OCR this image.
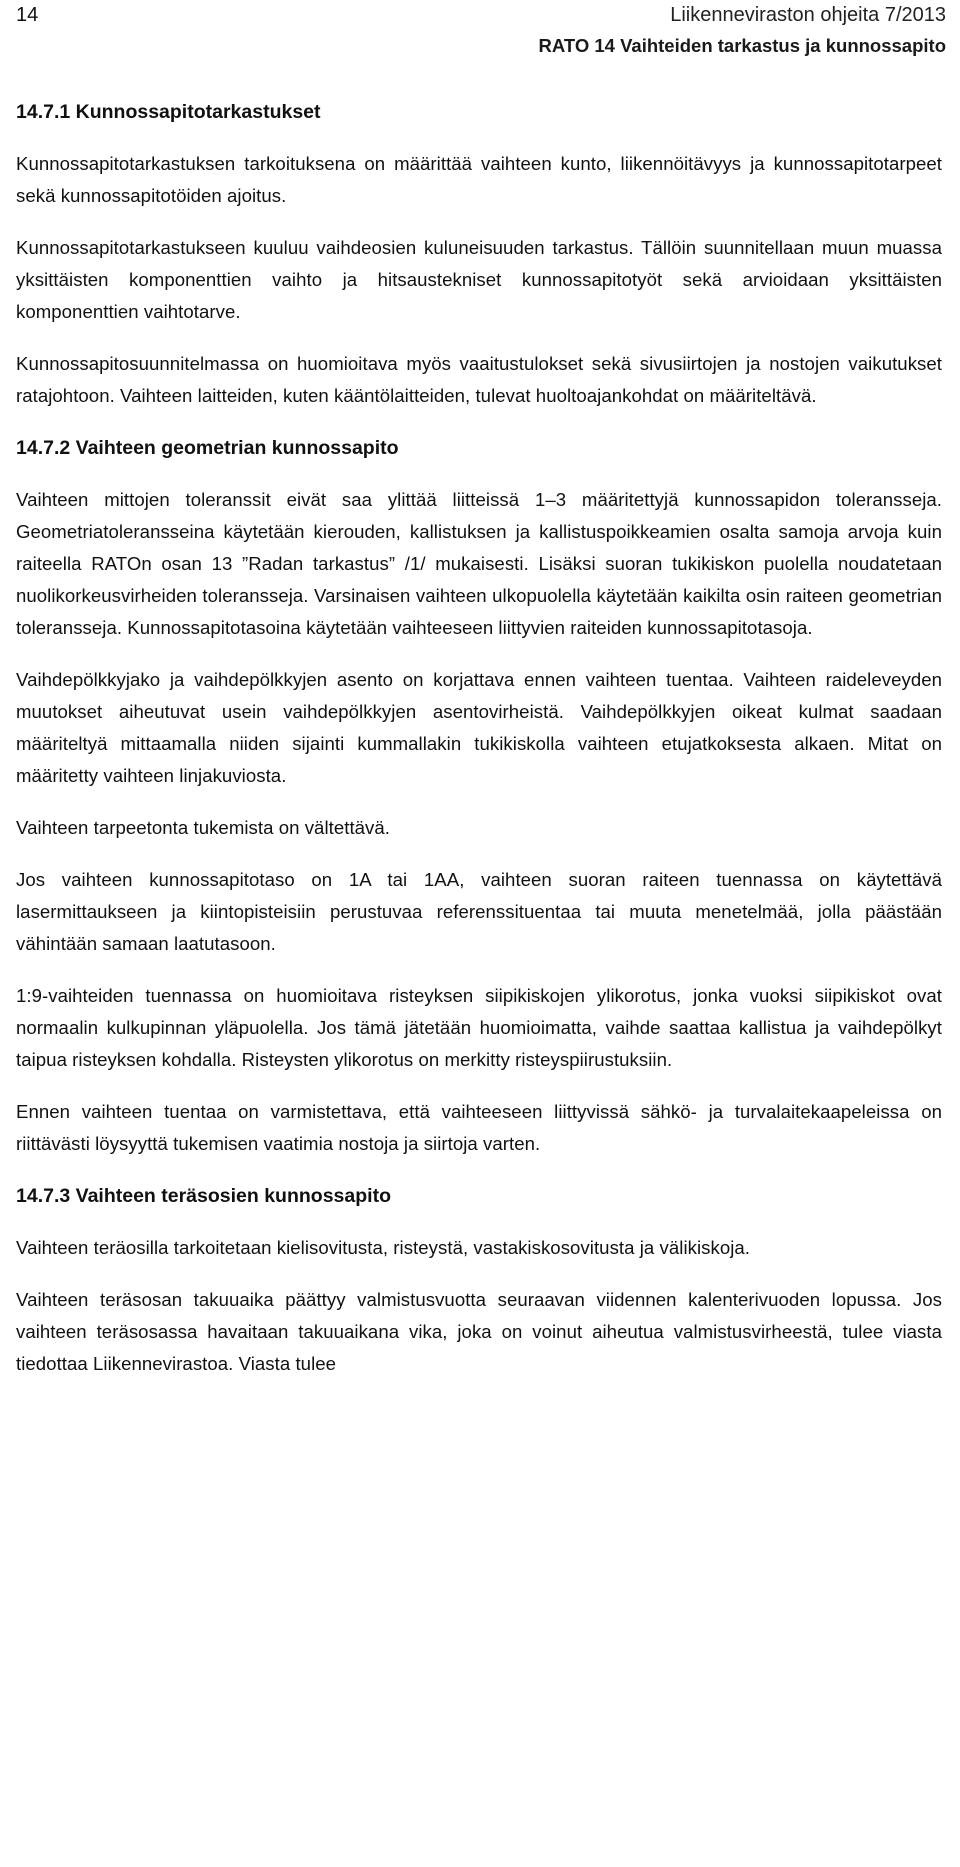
14	Liikenneviraston ohjeita 7/2013
RATO 14 Vaihteiden tarkastus ja kunnossapito
14.7.1 Kunnossapitotarkastukset

Kunnossapitotarkastuksen tarkoituksena on määrittää vaihteen kunto, liikennöitävyys ja kunnossapitotarpeet sekä kunnossapitotöiden ajoitus.

Kunnossapitotarkastukseen kuuluu vaihdeosien kuluneisuuden tarkastus. Tällöin suunnitellaan muun muassa yksittäisten komponenttien vaihto ja hitsaustekniset kunnossapitotyöt sekä arvioidaan yksittäisten komponenttien vaihtotarve.

Kunnossapitosuunnitelmassa on huomioitava myös vaaitustulokset sekä sivusiirtojen ja nostojen vaikutukset ratajohtoon. Vaihteen laitteiden, kuten kääntölaitteiden, tulevat huoltoajankohdat on määriteltävä.

14.7.2 Vaihteen geometrian kunnossapito

Vaihteen mittojen toleranssit eivät saa ylittää liitteissä 1–3 määritettyjä kunnossapidon toleransseja. Geometriatoleransseina käytetään kierouden, kallistuksen ja kallistuspoikkeamien osalta samoja arvoja kuin raiteella RATOn osan 13 ”Radan tarkastus” /1/ mukaisesti. Lisäksi suoran tukikiskon puolella noudatetaan nuolikorkeusvirheiden toleransseja. Varsinaisen vaihteen ulkopuolella käytetään kaikilta osin raiteen geometrian toleransseja. Kunnossapitotasoina käytetään vaihteeseen liittyvien raiteiden kunnossapitotasoja.

Vaihdepölkkyjako ja vaihdepölkkyjen asento on korjattava ennen vaihteen tuentaa. Vaihteen raideleveyden muutokset aiheutuvat usein vaihdepölkkyjen asentovirheistä. Vaihdepölkkyjen oikeat kulmat saadaan määriteltyä mittaamalla niiden sijainti kummallakin tukikiskolla vaihteen etujatkoksesta alkaen. Mitat on määritetty vaihteen linjakuviosta.

Vaihteen tarpeetonta tukemista on vältettävä.

Jos vaihteen kunnossapitotaso on 1A tai 1AA, vaihteen suoran raiteen tuennassa on käytettävä lasermittaukseen ja kiintopisteisiin perustuvaa referenssituentaa tai muuta menetelmää, jolla päästään vähintään samaan laatutasoon.

1:9-vaihteiden tuennassa on huomioitava risteyksen siipikiskojen ylikorotus, jonka vuoksi siipikiskot ovat normaalin kulkupinnan yläpuolella. Jos tämä jätetään huomioimatta, vaihde saattaa kallistua ja vaihdepölkyt taipua risteyksen kohdalla. Risteysten ylikorotus on merkitty risteyspiirustuksiin.

Ennen vaihteen tuentaa on varmistettava, että vaihteeseen liittyvissä sähkö- ja turvalaitekaapeleissa on riittävästi löysyyttä tukemisen vaatimia nostoja ja siirtoja varten.

14.7.3 Vaihteen teräsosien kunnossapito

Vaihteen teräosilla tarkoitetaan kielisovitusta, risteystä, vastakiskosovitusta ja välikiskoja.

Vaihteen teräsosan takuuaika päättyy valmistusvuotta seuraavan viidennen kalenterivuoden lopussa. Jos vaihteen teräsosassa havaitaan takuuaikana vika, joka on voinut aiheutua valmistusvirheestä, tulee viasta tiedottaa Liikennevirastoa. Viasta tulee
